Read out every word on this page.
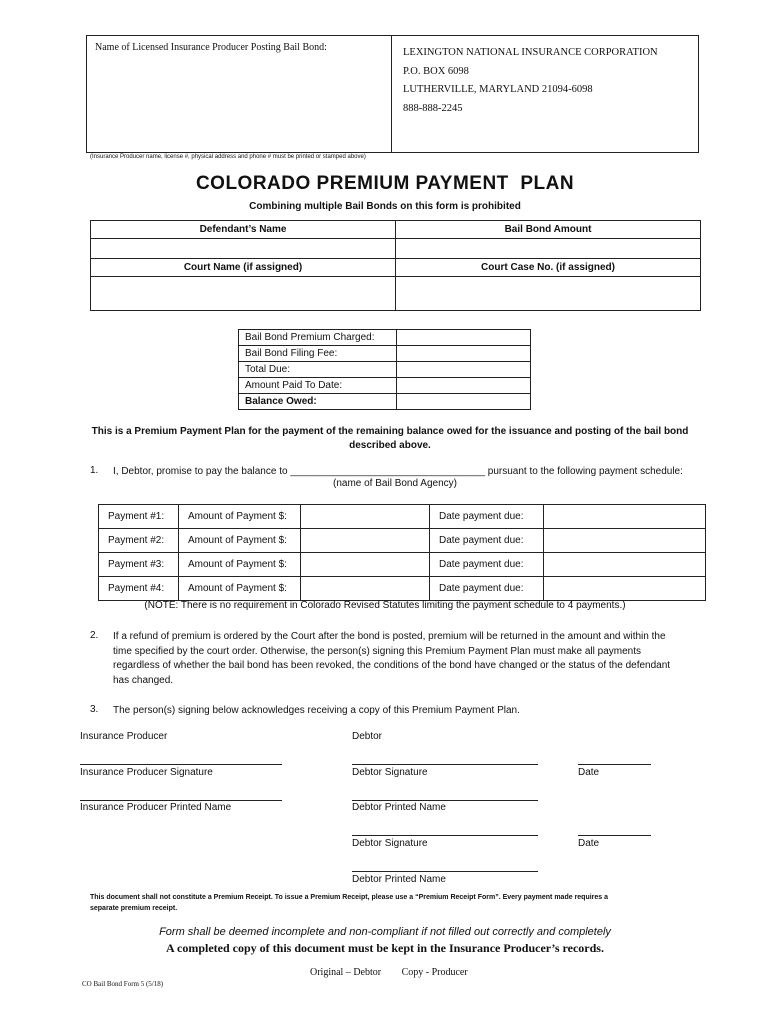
Name of Licensed Insurance Producer Posting Bail Bond:	LEXINGTON NATIONAL INSURANCE CORPORATION
P.O. BOX 6098
LUTHERVILLE, MARYLAND 21094-6098
888-888-2245
(Insurance Producer name, license #, physical address and phone # must be printed or stamped above)
COLORADO PREMIUM PAYMENT  PLAN
Combining multiple Bail Bonds on this form is prohibited
Defendant’s Name	Bail Bond Amount

Court Name (if assigned)	Court Case No. (if assigned)

Bail Bond Premium Charged:	
Bail Bond Filing Fee:	
Total Due:	
Amount Paid To Date:	
Balance Owed:	
This is a Premium Payment Plan for the payment of the remaining balance owed for the issuance and posting of the bail bond described above.
1. I, Debtor, promise to pay the balance to ___________________________________ pursuant to the following payment schedule:
(name of Bail Bond Agency)
Payment #1:	Amount of Payment $:		Date payment due:	
Payment #2:	Amount of Payment $:		Date payment due:	
Payment #3:	Amount of Payment $:		Date payment due:	
Payment #4:	Amount of Payment $:		Date payment due:	
(NOTE: There is no requirement in Colorado Revised Statutes limiting the payment schedule to 4 payments.)
2. If a refund of premium is ordered by the Court after the bond is posted, premium will be returned in the amount and within the
time specified by the court order. Otherwise, the person(s) signing this Premium Payment Plan must make all payments
regardless of whether the bail bond has been revoked, the conditions of the bond have changed or the status of the defendant
has changed.
3. The person(s) signing below acknowledges receiving a copy of this Premium Payment Plan.
Insurance Producer	Debtor
Insurance Producer Signature	Debtor Signature	Date
Insurance Producer Printed Name	Debtor Printed Name
Debtor Signature	Date
Debtor Printed Name
This document shall not constitute a Premium Receipt. To issue a Premium Receipt, please use a “Premium Receipt Form”. Every payment made requires a
separate premium receipt.
Form shall be deemed incomplete and non-compliant if not filled out correctly and completely
A completed copy of this document must be kept in the Insurance Producer’s records.
Original – Debtor Copy - Producer
CO Bail Bond Form 5 (5/18)
